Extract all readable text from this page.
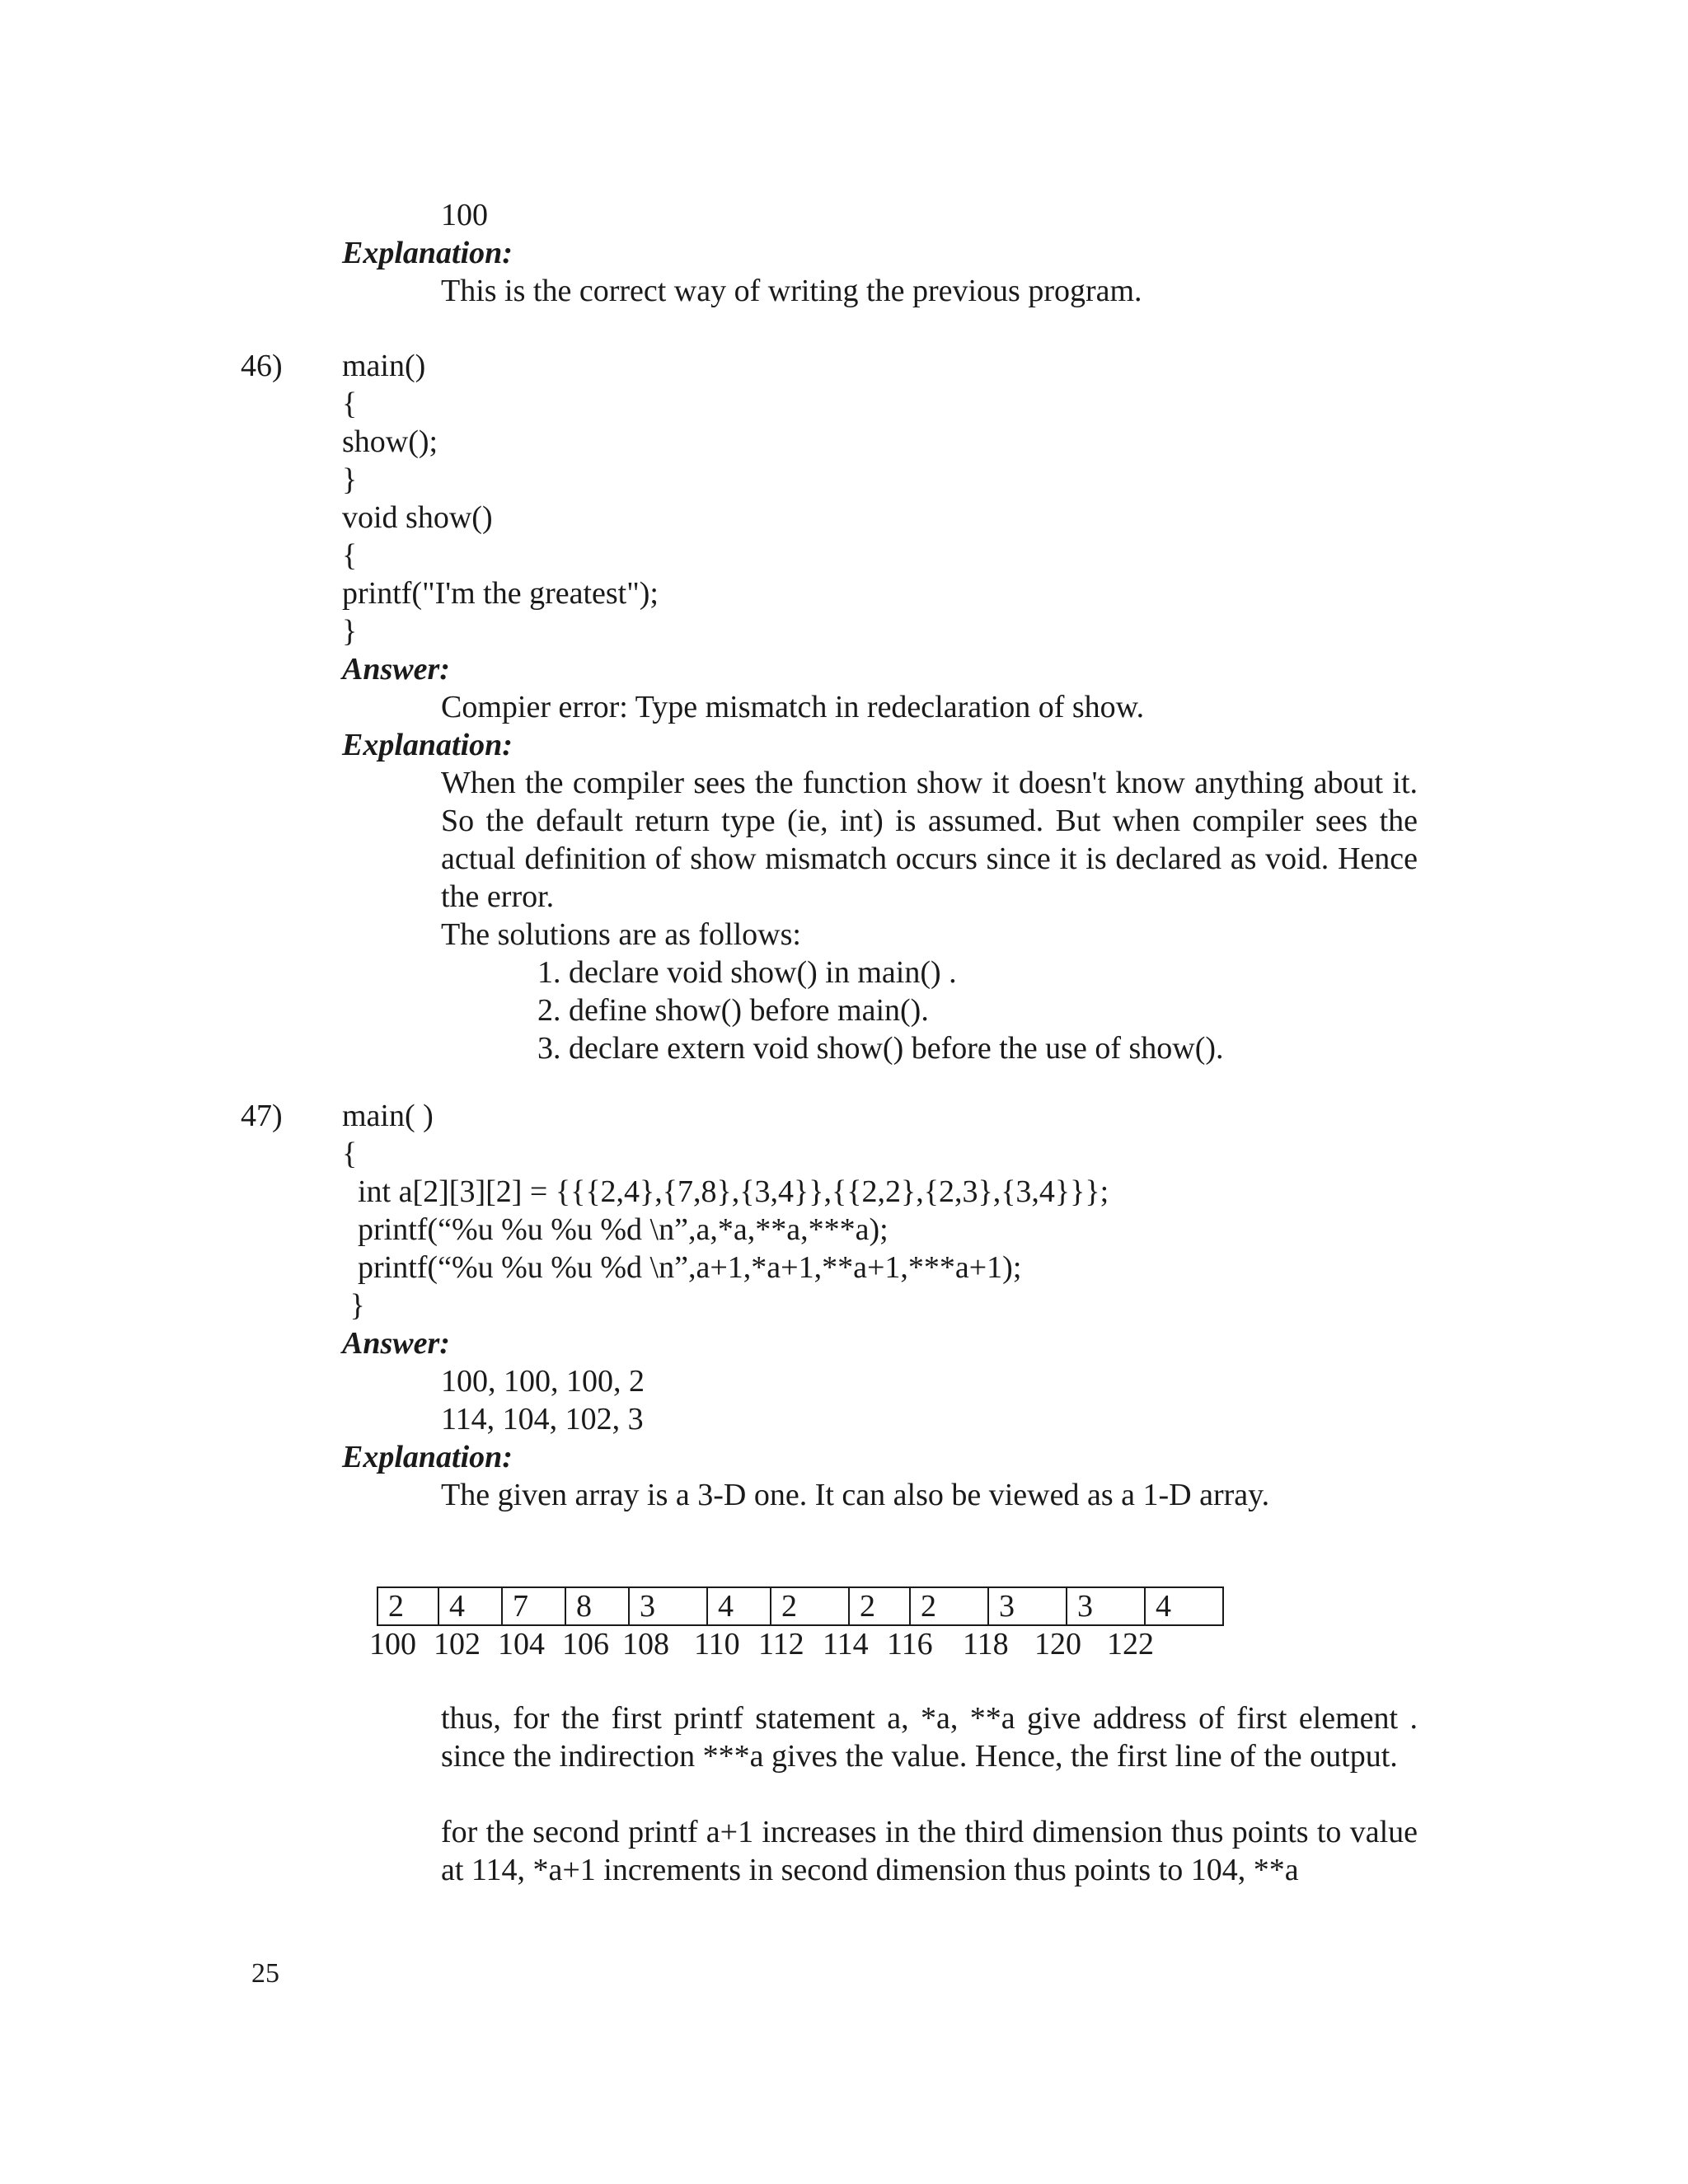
100
Explanation:
This is the correct way of writing the previous program.
46) main()
{
show();
}
void show()
{
printf("I'm the greatest");
}
Answer:
Compier error: Type mismatch in redeclaration of show.
Explanation:
When the compiler sees the function show it doesn't know anything about it. So the default return type (ie, int) is assumed. But when compiler sees the actual definition of show mismatch occurs since it is declared as void. Hence the error.
The solutions are as follows:
1. declare void show() in main() .
2. define show() before main().
3. declare extern void show() before the use of show().
47) main( )
{
int a[2][3][2] = {{{2,4},{7,8},{3,4}},{{2,2},{2,3},{3,4}}};
printf(“%u %u %u %d \n”,a,*a,**a,***a);
printf(“%u %u %u %d \n”,a+1,*a+1,**a+1,***a+1);
}
Answer:
100, 100, 100, 2
114, 104, 102, 3
Explanation:
The given array is a 3-D one. It can also be viewed as a 1-D array.
2	4	7	8	3	4	2	2	2	3	3	4
100 102 104 106 108 110 112 114 116 118 120 122
thus, for the first printf statement a, *a, **a give address of first element . since the indirection ***a gives the value. Hence, the first line of the output.
for the second printf a+1 increases in the third dimension thus points to value at 114, *a+1 increments in second dimension thus points to 104, **a
25
